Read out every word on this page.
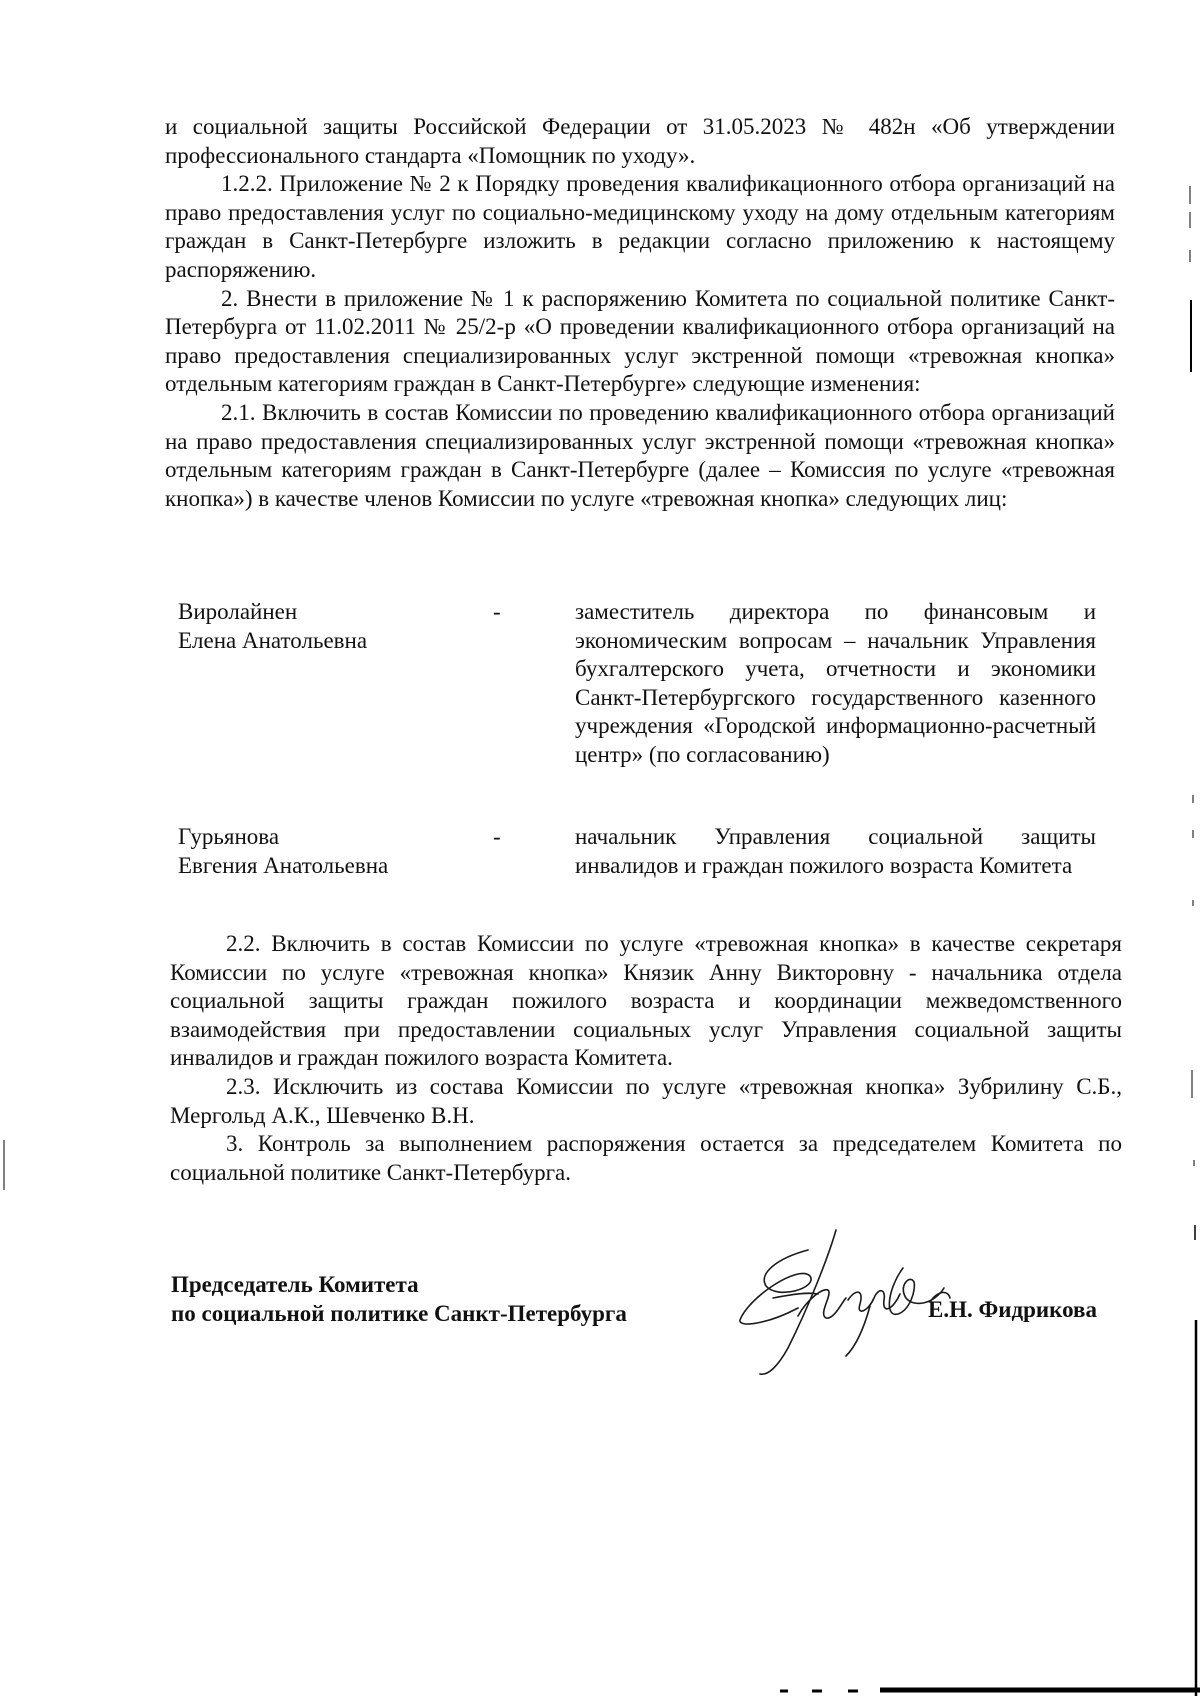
и социальной защиты Российской Федерации от 31.05.2023 № 482н «Об утверждении профессионального стандарта «Помощник по уходу».

1.2.2. Приложение № 2 к Порядку проведения квалификационного отбора организаций на право предоставления услуг по социально-медицинскому уходу на дому отдельным категориям граждан в Санкт-Петербурге изложить в редакции согласно приложению к настоящему распоряжению.

2. Внести в приложение № 1 к распоряжению Комитета по социальной политике Санкт-Петербурга от 11.02.2011 № 25/2-р «О проведении квалификационного отбора организаций на право предоставления специализированных услуг экстренной помощи «тревожная кнопка» отдельным категориям граждан в Санкт-Петербурге» следующие изменения:

2.1. Включить в состав Комиссии по проведению квалификационного отбора организаций на право предоставления специализированных услуг экстренной помощи «тревожная кнопка» отдельным категориям граждан в Санкт-Петербурге (далее – Комиссия по услуге «тревожная кнопка») в качестве членов Комиссии по услуге «тревожная кнопка» следующих лиц:

Виролайнен
Елена Анатольевна
-	заместитель директора по финансовым и экономическим вопросам – начальник Управления бухгалтерского учета, отчетности и экономики Санкт-Петербургского государственного казенного учреждения «Городской информационно-расчетный центр» (по согласованию)
Гурьянова
Евгения Анатольевна
-	начальник Управления социальной защиты инвалидов и граждан пожилого возраста Комитета

2.2. Включить в состав Комиссии по услуге «тревожная кнопка» в качестве секретаря Комиссии по услуге «тревожная кнопка» Князик Анну Викторовну - начальника отдела социальной защиты граждан пожилого возраста и координации межведомственного взаимодействия при предоставлении социальных услуг Управления социальной защиты инвалидов и граждан пожилого возраста Комитета.

2.3. Исключить из состава Комиссии по услуге «тревожная кнопка» Зубрилину С.Б., Мергольд А.К., Шевченко В.Н.

3. Контроль за выполнением распоряжения остается за председателем Комитета по социальной политике Санкт-Петербурга.

Председатель Комитета
по социальной политике Санкт-Петербурга	Е.Н. Фидрикова
